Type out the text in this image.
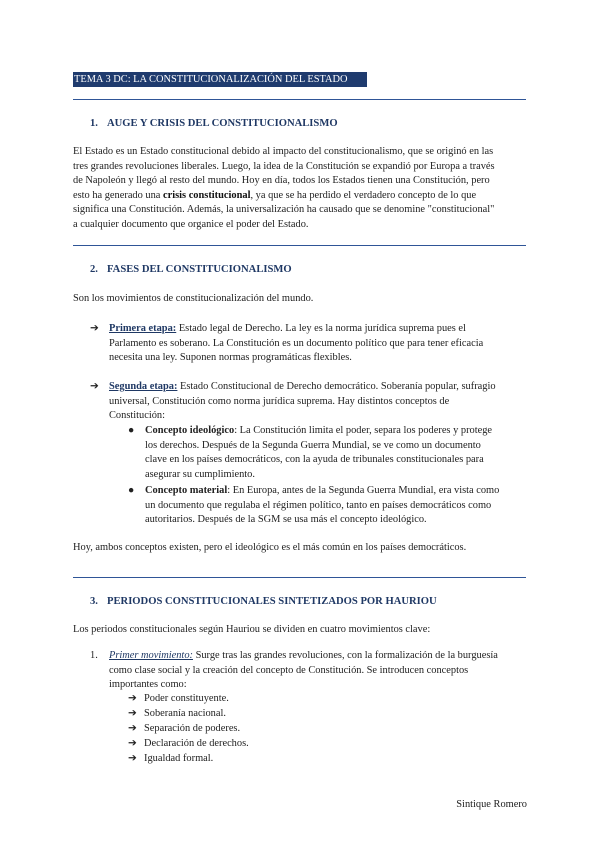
TEMA 3 DC: LA CONSTITUCIONALIZACIÓN DEL ESTADO
1. AUGE Y CRISIS DEL CONSTITUCIONALISMO
El Estado es un Estado constitucional debido al impacto del constitucionalismo, que se originó en las
tres grandes revoluciones liberales. Luego, la idea de la Constitución se expandió por Europa a través
de Napoleón y llegó al resto del mundo. Hoy en día, todos los Estados tienen una Constitución, pero
esto ha generado una crisis constitucional, ya que se ha perdido el verdadero concepto de lo que
significa una Constitución. Además, la universalización ha causado que se denomine "constitucional"
a cualquier documento que organice el poder del Estado.
2. FASES DEL CONSTITUCIONALISMO
Son los movimientos de constitucionalización del mundo.
➔ Primera etapa: Estado legal de Derecho. La ley es la norma jurídica suprema pues el
Parlamento es soberano. La Constitución es un documento político que para tener eficacia
necesita una ley. Suponen normas programáticas flexibles.
➔ Segunda etapa: Estado Constitucional de Derecho democrático. Soberanía popular, sufragio
universal, Constitución como norma jurídica suprema. Hay distintos conceptos de
Constitución:
● Concepto ideológico: La Constitución limita el poder, separa los poderes y protege
los derechos. Después de la Segunda Guerra Mundial, se ve como un documento
clave en los países democráticos, con la ayuda de tribunales constitucionales para
asegurar su cumplimiento.
● Concepto material: En Europa, antes de la Segunda Guerra Mundial, era vista como
un documento que regulaba el régimen político, tanto en países democráticos como
autoritarios. Después de la SGM se usa más el concepto ideológico.
Hoy, ambos conceptos existen, pero el ideológico es el más común en los países democráticos.
3. PERIODOS CONSTITUCIONALES SINTETIZADOS POR HAURIOU
Los periodos constitucionales según Hauriou se dividen en cuatro movimientos clave:
1. Primer movimiento: Surge tras las grandes revoluciones, con la formalización de la burguesía
como clase social y la creación del concepto de Constitución. Se introducen conceptos
importantes como:
➔ Poder constituyente.
➔ Soberanía nacional.
➔ Separación de poderes.
➔ Declaración de derechos.
➔ Igualdad formal.
Sintique Romero
